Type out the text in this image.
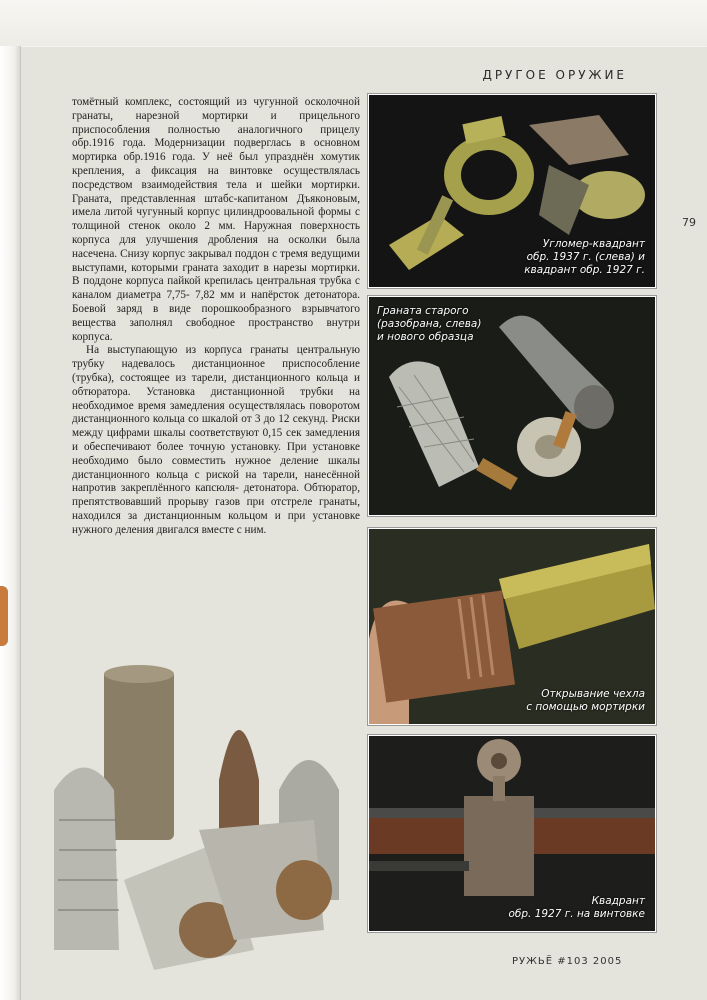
ДРУГОЕ ОРУЖИЕ
79

томётный комплекс, состоящий из чугунной осколочной гранаты, нарезной мортирки и прицельного приспособления полностью аналогичного прицелу обр.1916 года. Модернизации подверглась в основном мортирка обр.1916 года. У неё был упразднён хомутик крепления, а фиксация на винтовке осуществлялась посредством взаимодействия тела и шейки мортирки. Граната, представленная штабс-капитаном Дъяконовым, имела литой чугунный корпус цилиндроовальной формы с толщиной стенок около 2 мм. Наружная поверхность корпуса для улучшения дробления на осколки была насечена. Снизу корпус закрывал поддон с тремя ведущими выступами, которыми граната заходит в нарезы мортирки. В поддоне корпуса пайкой крепилась центральная трубка с каналом диаметра 7,75- 7,82 мм и напёрсток детонатора. Боевой заряд в виде порошкообразного взрывчатого вещества заполнял свободное пространство внутри корпуса.

На выступающую из корпуса гранаты центральную трубку надевалось дистанционное приспособление (трубка), состоящее из тарели, дистанционного кольца и обтюратора. Установка дистанционной трубки на необходимое время замедления осуществлялась поворотом дистанционного кольца со шкалой от 3 до 12 секунд. Риски между цифрами шкалы соответствуют 0,15 сек замедления и обеспечивают более точную установку. При установке необходимо было совместить нужное деление шкалы дистанционного кольца с риской на тарели, нанесённой напротив закреплённого капсюля- детонатора. Обтюратор, препятствовавший прорыву газов при отстреле гранаты, находился за дистанционным кольцом и при установке нужного деления двигался вместе с ним.

Угломер-квадрант
обр. 1937 г. (слева) и
квадрант обр. 1927 г.
Граната старого
(разобрана, слева)
и нового образца
Открывание чехла
с помощью мортирки
Квадрант
обр. 1927 г. на винтовке
РУЖЬЁ #103 2005
